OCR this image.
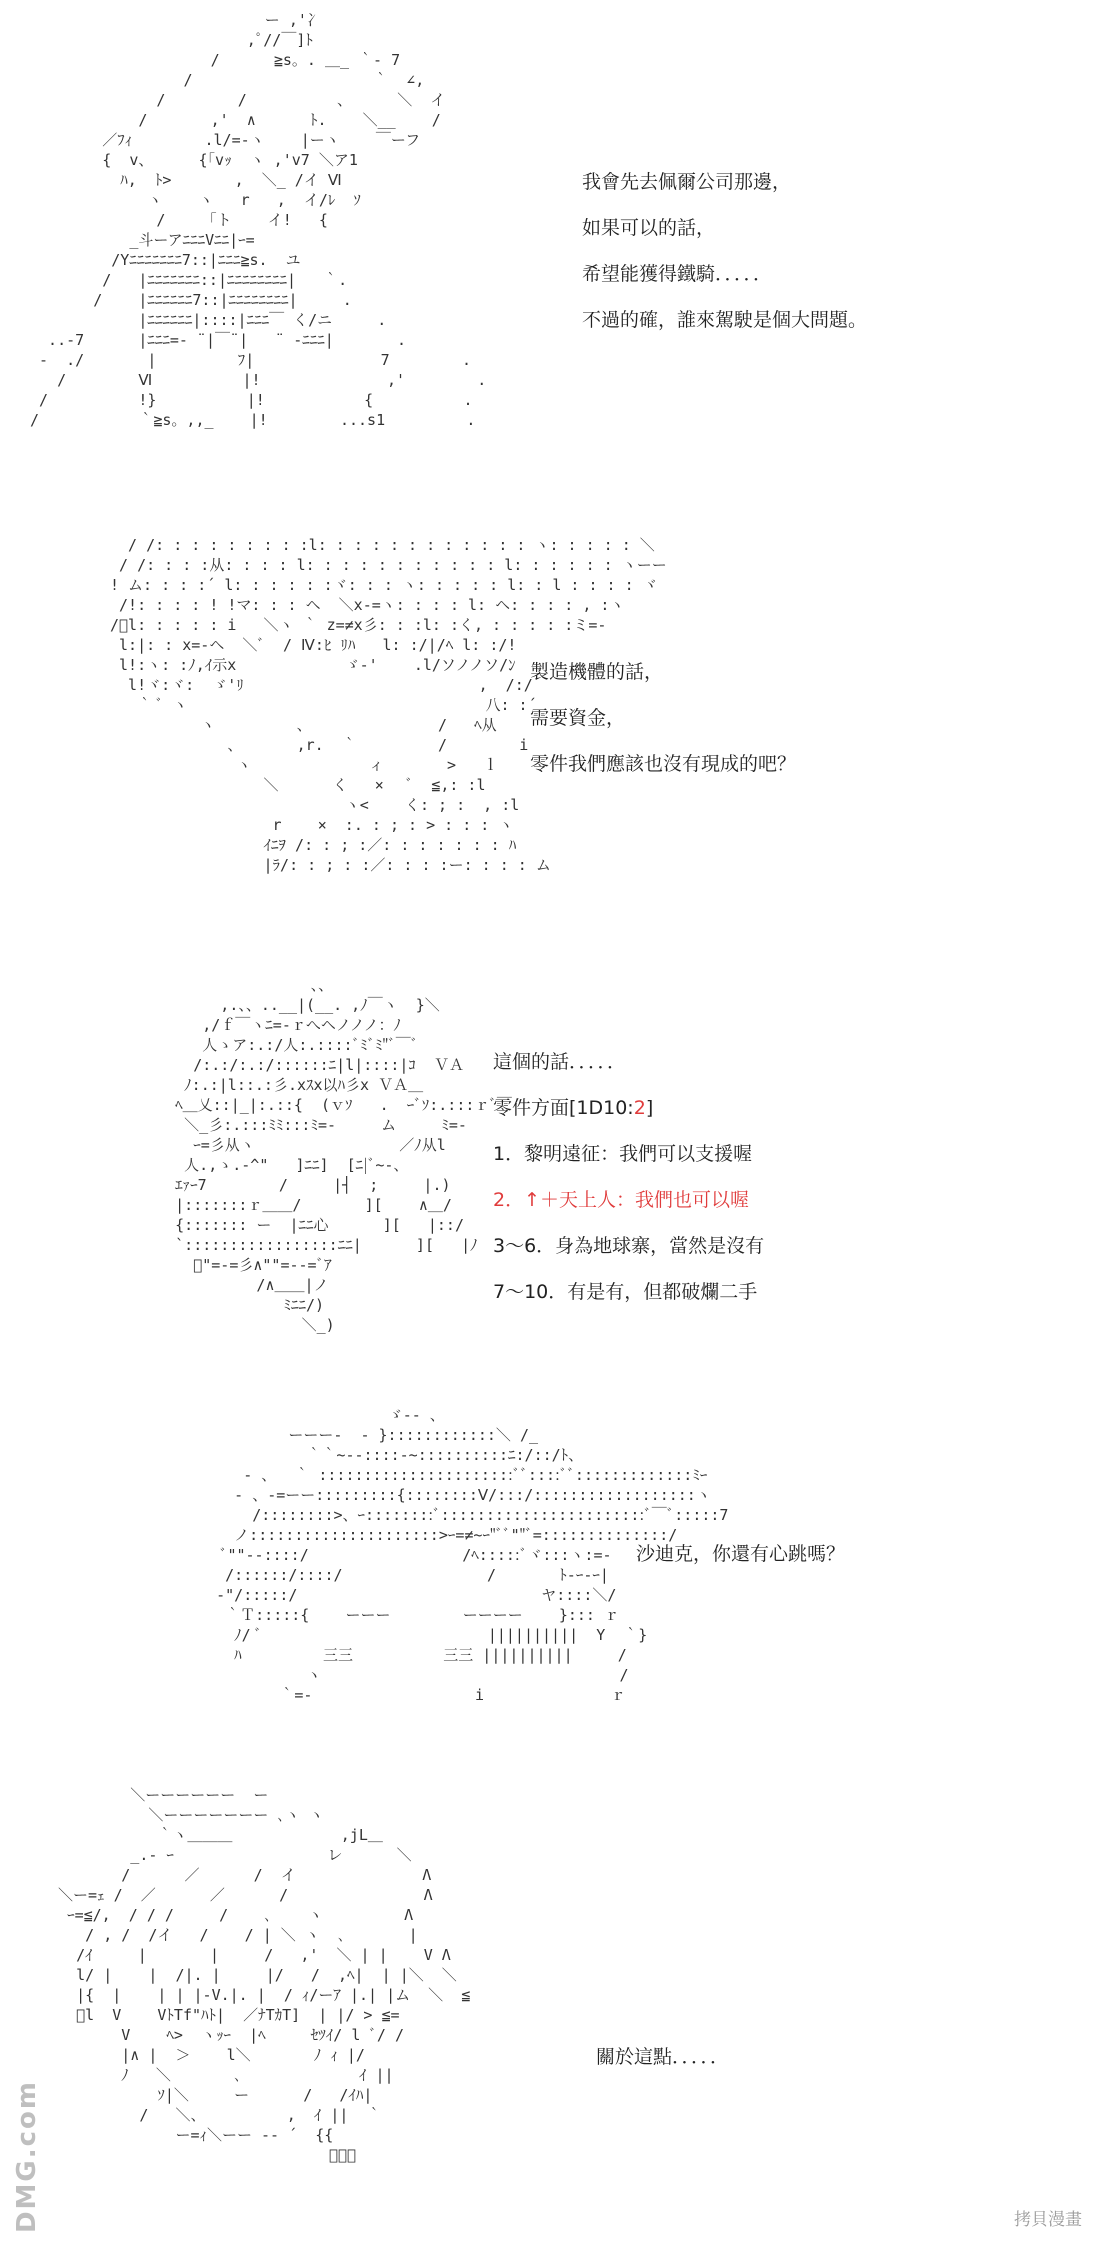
ー ,'冫
,ﾟ//￣]ﾄ
/      ≧s。. ＿_ ｀- 7
/                    ｀  ∠,
/        /          、     ＼  イ
/       ,'  ∧      ﾄ.    ＼__    /
／ﾌｨ        .l/=-ヽ    |ーヽ    ￣ーフ
{  v、     {「vｯ  ヽ ,'v7 ＼ア1
ﾊ,  ﾄ>       ,  ＼_ /イ Ⅵ
ヽ    ヽ   r   ,  イ/ﾚ  ｿ
/    「ト    イ!   {
_斗ーアﾆﾆﾆVﾆﾆ|ｰ=
/Yﾆﾆﾆﾆﾆﾆﾆ7::|ﾆﾆﾆ≧s.  ユ
/   |ﾆﾆﾆﾆﾆﾆﾆ::|ﾆﾆﾆﾆﾆﾆﾆﾆ|   ｀.
/    |ﾆﾆﾆﾆﾆﾆ7::|ﾆﾆﾆﾆﾆﾆﾆﾆ|     .
|ﾆﾆﾆﾆﾆﾆ|::::|ﾆﾆﾆ￣ く/ニ     .
..-7      |ﾆﾆﾆ=- ¨|￣¨|   ¨ -ﾆﾆﾆ|       .
-  ./       |         ﾌ|              7        .
/        Ⅵ          |!              ,'        .
/          !}          |!           {          .
/           ｀≧s。,,_    |!        ...s1         .
我會先去佩爾公司那邊，
如果可以的話，
希望能獲得鐵騎．．．．．
不過的確，誰來駕駛是個大問題。
/ /: : : : : : : : :l: : : : : : : : : : : : ヽ: : : : : ＼
/ /: : : :从: : : : l: : : : : : : : : : : l: : : : : : ヽーー
! ム: : : :´ l: : : : : :ヾ: : : ヽ: : : : : l: : l : : : : ヾ
/!: : : : ! !マ: : : ヘ  ＼x-=ヽ: : : : l: ヘ: : : : , :ヽ
/ﾞl: : : : : i   ＼ヽ ｀ z=≠x彡: : :l: :く, : : : : :ミ=-
l:|: : x=-ヘ  ＼ﾞ  / Ⅳ:ﾋ ﾘﾊ   l: :/|/ﾍ l: :/!
l!:ヽ: :ﾉ,ｲ示x            ゞ-'    .l/ソノノソ/ﾝ
l!ヾ:ヾ:  ゞ'ﾘ                          ,  /:/
｀ ﾞ ヽ                                 八: :´
ヽ         、              /   ﾍ从
、      ,r.  ｀         /        i
ヽ             ィ       >   ｌ
＼      く   ×   ﾞ  ≦,: :l
ヽ<    く: ; :  , :l
r    ×  :. : ; : > : : : ヽ
ｲﾆｦ /: : ; :／: : : : : : : ﾊ
|ﾗ/: : ; : :／: : : :ー: : : : ム
製造機體的話，
需要資金，
零件我們應該也沒有現成的吧？
、、
,.、、..__|(__. ,ﾉ￣ヽ  }＼
,/ｆ￣ヽﾆ=-ｒへヘノノノ：ﾉ
人ゝア:.:/人:.::::ﾞﾐﾞﾐ"ﾞ￣ﾞ
/:.:/:.:/::::::ﾆ|l|::::|ｺ  ＶＡ
ﾉ:.:|l::.:彡.xｽx以ﾊ彡x ＶＡ＿
ﾍ＿乂::|_|:.::{  (ｖｿ   .  ｰﾞｿ:.:::ｒﾞ￣
＼_彡:.:::ﾐﾐ:::ﾐ=-     ム     ﾐ=-
ｰ=彡从ヽ                ／ﾉ从l
人.,ゝ.-^"   ]ﾆﾆ]  [ﾆ|ﾞ~-、
ｴｧｰ7        /     |┤  ;     |.)
|:::::::ｒ＿＿/       ][    ∧＿/
{::::::: ー  |ﾆﾆ心      ][   |::/
`:::::::::::::::::ﾆﾆ|      ][   |ﾉ
ﾞ"=-=彡∧""=--=ﾞｱ
/∧＿＿|ノ
ﾐﾆﾆ/)
＼_)
這個的話．．．．．
零件方面[1D10:2]
1．黎明遠征：我們可以支援喔
2．↑＋天上人：我們也可以喔
3～6．身為地球寨，當然是沒有
7～10．有是有，但都破爛二手
ゞ-- 、
ーーー-  - }::::::::::::＼ /_
｀｀~--::::-~::::::::::ﾆ:/::/ﾄ、
- 、  ｀ ::::::::::::::::::::::ﾞﾞ::::ﾞﾞ:::::::::::::ﾐｰ
- 、-=ーー:::::::::{::::::::Ⅴ/:::/::::::::::::::::::ヽ
/::::::::>、ｰ::::::::ﾞ:::::::::::::::::::::::ﾞ￣ﾞ:::::7
ノ:::::::::::::::::::::>ｰ=≠~ｰ"ﾞﾞ""ﾞ=::::::::::::::/
ﾞ""--::::/                 /ﾍ:::::ﾞヾ:::ヽ:=-
/::::::/::::/                /       ﾄ-ｰ-ｰ|
-"/:::::/                           ヤ::::＼/
｀Ｔ:::::{    ーーー        ーーーー    }::: ｒ
ﾉ/ ﾞ                         ||||||||||  Y  ｀}
ﾊ         三三          三三 ||||||||||     /
ヽ                                 /
｀=-                  i              ｒ
沙迪克，你還有心跳嗎？
＼ーーーーーー  ー
＼ーーーーーーー ､ヽ ヽ
｀ヽ＿＿＿            ,jL＿
_.- ｰ                 レ      ＼
/      ／      /  イ              Λ
＼ー=ｪ /  ／      ／      /               Λ
ｰ=≦/,  / / /     /    ､    ヽ         Λ
/ , /  /イ   /    / | ＼ ヽ  ､       |
/ｲ     |       |     /   ,'  ＼ | |    V Λ
l/ |    |  /|. |     |/   /  ,ﾍ|  | |＼  ＼
|{  |    | | |-V.|. |  / ｨ/ーｱ |.| |ム  ＼  ≦
ﾞl  V    VﾄTf"ﾊﾄ|  ／ﾅTｶT]  | |/ > ≦=
V    ﾍ>  ヽｯｰ  |ﾍ     ｾﾂｲ/ l ﾞ/ /
|∧ |  ＞    l＼       ﾉ ｨ |/
ﾉ   ＼       ､             ｲ ||
ｿ|＼     ー      /   /ｲﾊ|
/   ＼、         ,  ｲ ||  ｀
ー=ｨ＼ーー -- ´  {{
ﾞーー
關於這點．．．．．
DMG.com	拷貝漫畫
